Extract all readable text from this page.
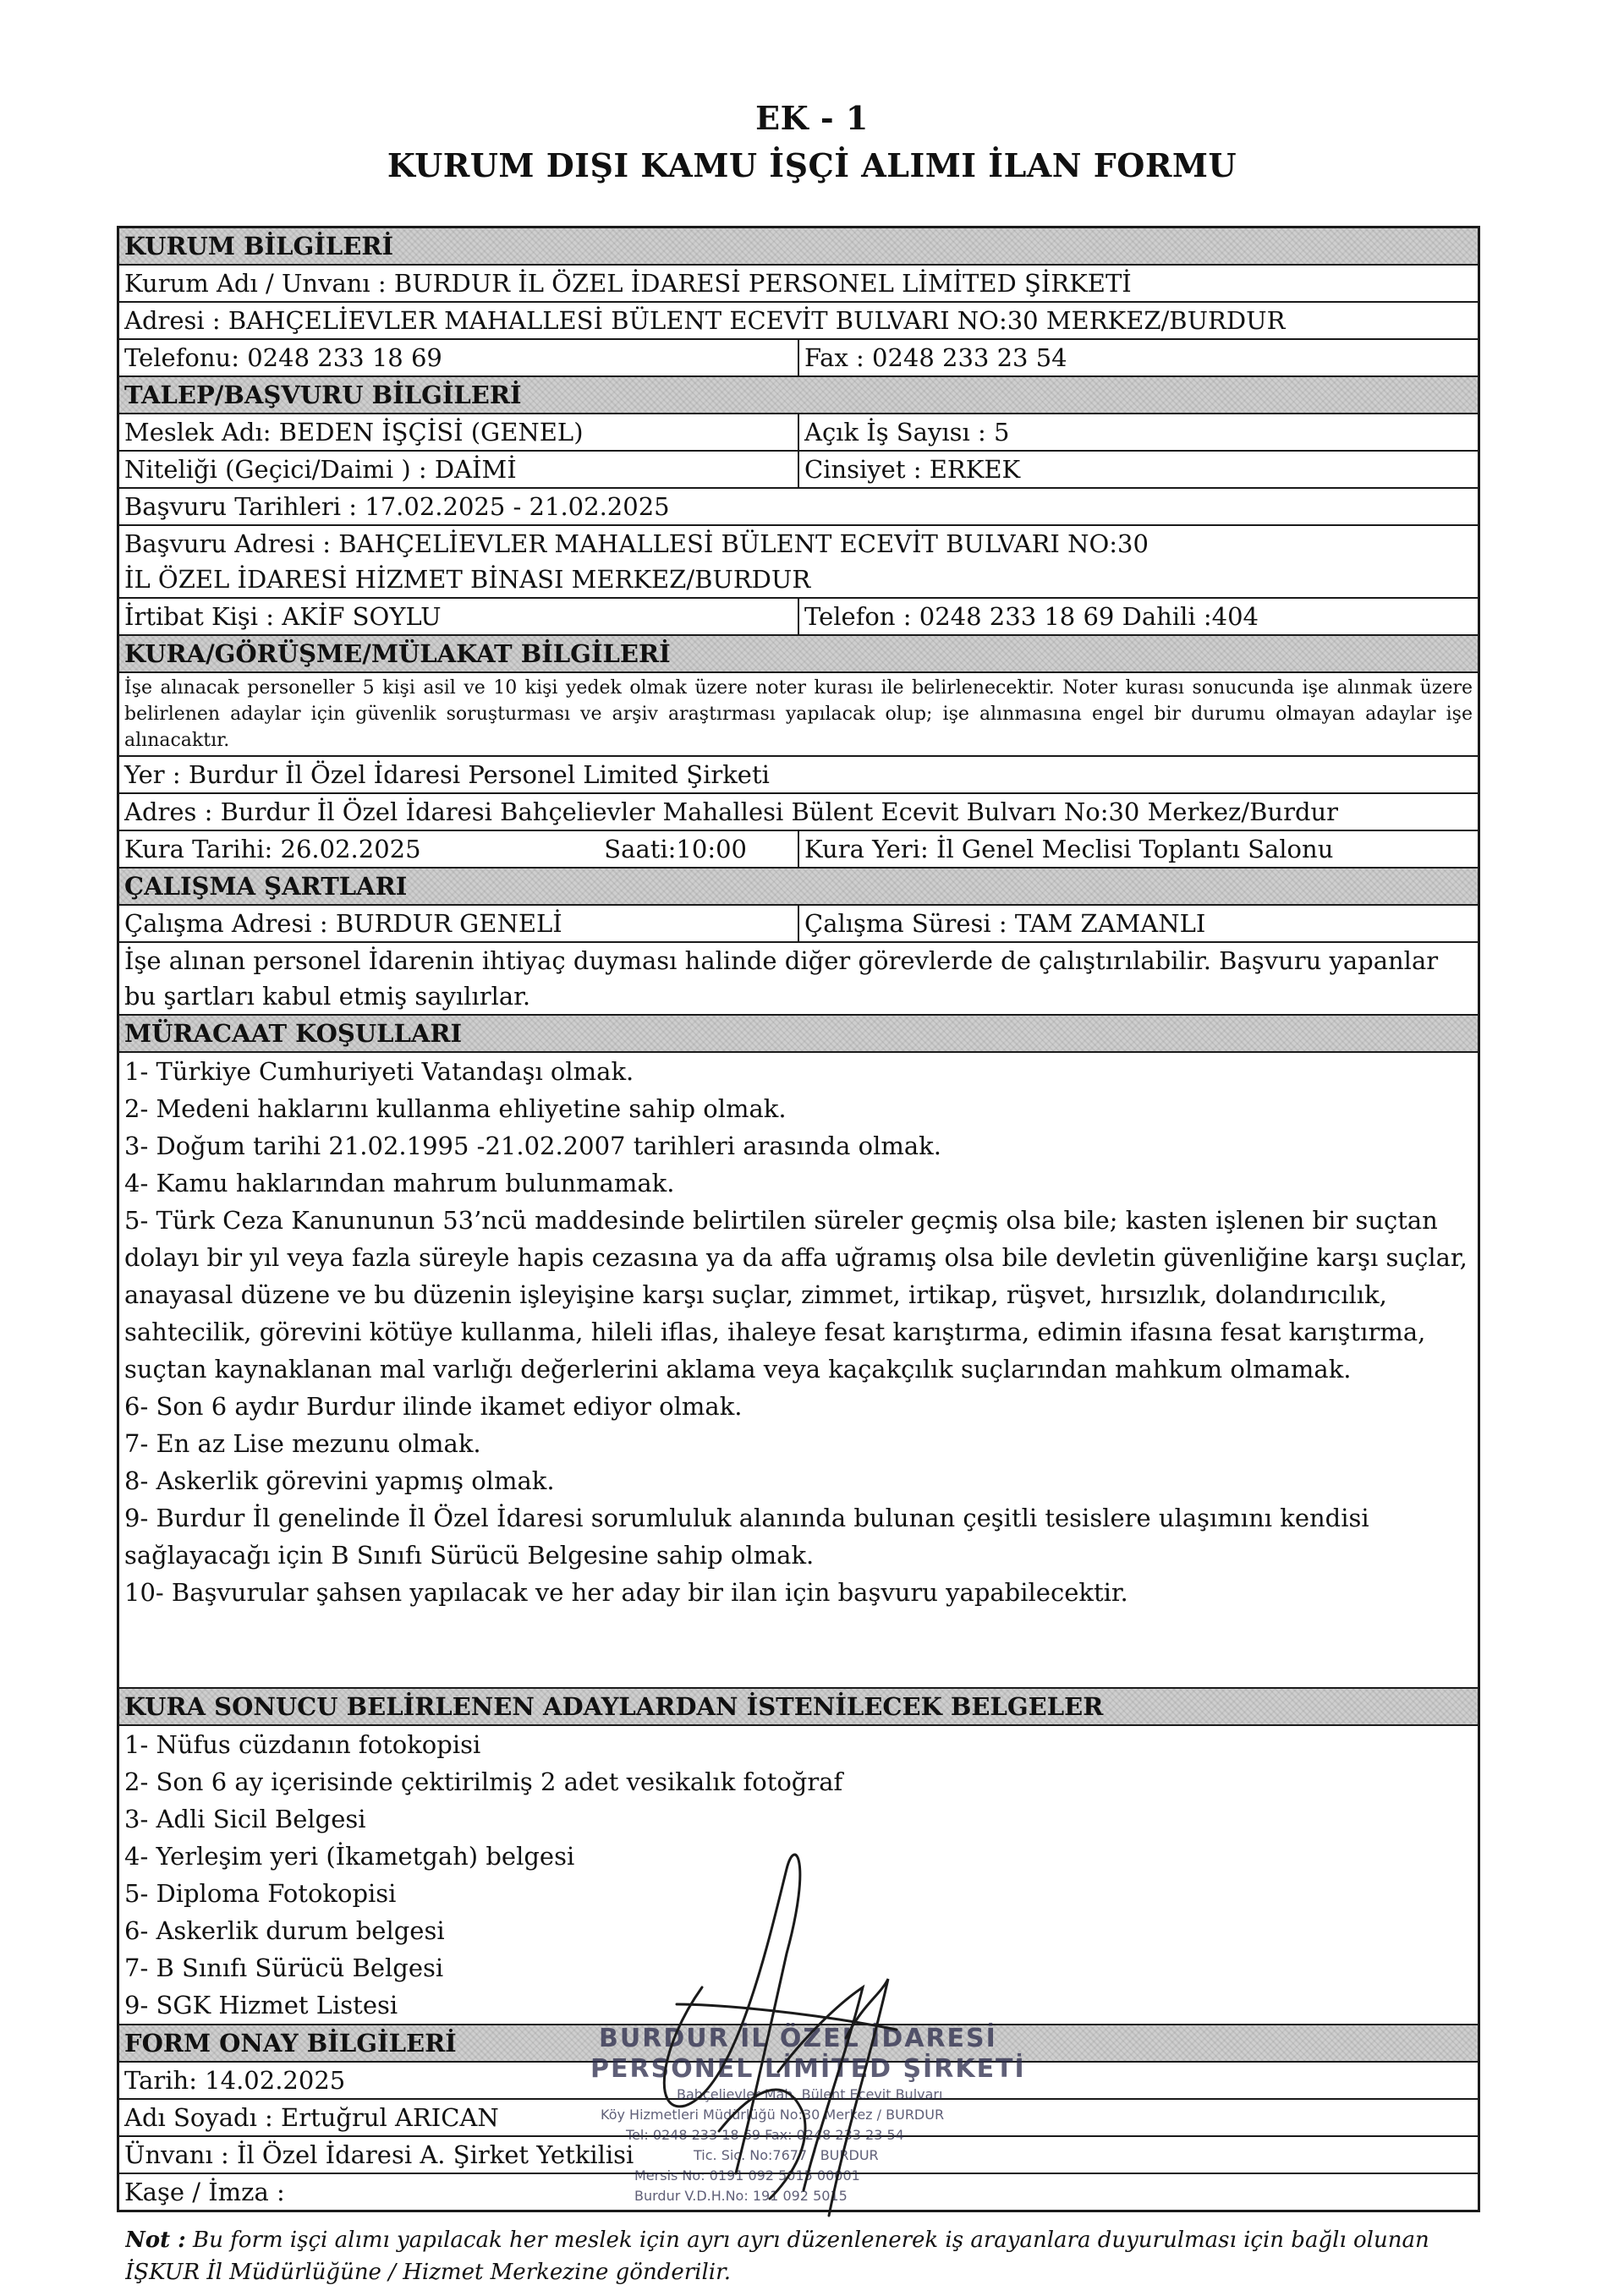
EK - 1
KURUM DIŞI KAMU İŞÇİ ALIMI İLAN FORMU
KURUM BİLGİLERİ
Kurum Adı / Unvanı : BURDUR İL ÖZEL İDARESİ PERSONEL LİMİTED ŞİRKETİ
Adresi : BAHÇELİEVLER MAHALLESİ BÜLENT ECEVİT BULVARI NO:30 MERKEZ/BURDUR
Telefonu: 0248 233 18 69	Fax : 0248 233 23 54
TALEP/BAŞVURU BİLGİLERİ
Meslek Adı: BEDEN İŞÇİSİ (GENEL)	Açık İş Sayısı : 5
Niteliği (Geçici/Daimi ) : DAİMİ	Cinsiyet : ERKEK
Başvuru Tarihleri : 17.02.2025 - 21.02.2025
Başvuru Adresi : BAHÇELİEVLER MAHALLESİ BÜLENT ECEVİT BULVARI NO:30
İL ÖZEL İDARESİ HİZMET BİNASI MERKEZ/BURDUR
İrtibat Kişi : AKİF SOYLU	Telefon : 0248 233 18 69 Dahili :404
KURA/GÖRÜŞME/MÜLAKAT BİLGİLERİ
İşe alınacak personeller 5 kişi asil ve 10 kişi yedek olmak üzere noter kurası ile belirlenecektir. Noter kurası sonucunda işe alınmak üzere belirlenen adaylar için güvenlik soruşturması ve arşiv araştırması yapılacak olup; işe alınmasına engel bir durumu olmayan adaylar işe alınacaktır.
Yer : Burdur İl Özel İdaresi Personel Limited Şirketi
Adres : Burdur İl Özel İdaresi Bahçelievler Mahallesi Bülent Ecevit Bulvarı No:30 Merkez/Burdur
Kura Tarihi: 26.02.2025	Saati:10:00 Kura Yeri: İl Genel Meclisi Toplantı Salonu
ÇALIŞMA ŞARTLARI
Çalışma Adresi : BURDUR GENELİ	Çalışma Süresi : TAM ZAMANLI
İşe alınan personel İdarenin ihtiyaç duyması halinde diğer görevlerde de çalıştırılabilir. Başvuru yapanlar bu şartları kabul etmiş sayılırlar.
MÜRACAAT KOŞULLARI
1- Türkiye Cumhuriyeti Vatandaşı olmak.
2- Medeni haklarını kullanma ehliyetine sahip olmak.
3- Doğum tarihi 21.02.1995 -21.02.2007 tarihleri arasında olmak.
4- Kamu haklarından mahrum bulunmamak.
5- Türk Ceza Kanununun 53’ncü maddesinde belirtilen süreler geçmiş olsa bile; kasten işlenen bir suçtan dolayı bir yıl veya fazla süreyle hapis cezasına ya da affa uğramış olsa bile devletin güvenliğine karşı suçlar, anayasal düzene ve bu düzenin işleyişine karşı suçlar, zimmet, irtikap, rüşvet, hırsızlık, dolandırıcılık, sahtecilik, görevini kötüye kullanma, hileli iflas, ihaleye fesat karıştırma, edimin ifasına fesat karıştırma, suçtan kaynaklanan mal varlığı değerlerini aklama veya kaçakçılık suçlarından mahkum olmamak.
6- Son 6 aydır Burdur ilinde ikamet ediyor olmak.
7- En az Lise mezunu olmak.
8- Askerlik görevini yapmış olmak.
9- Burdur İl genelinde İl Özel İdaresi sorumluluk alanında bulunan çeşitli tesislere ulaşımını kendisi sağlayacağı için B Sınıfı Sürücü Belgesine sahip olmak.
10- Başvurular şahsen yapılacak ve her aday bir ilan için başvuru yapabilecektir.
KURA SONUCU BELİRLENEN ADAYLARDAN İSTENİLECEK BELGELER
1- Nüfus cüzdanın fotokopisi
2- Son 6 ay içerisinde çektirilmiş 2 adet vesikalık fotoğraf
3- Adli Sicil Belgesi
4- Yerleşim yeri (İkametgah) belgesi
5- Diploma Fotokopisi
6- Askerlik durum belgesi
7- B Sınıfı Sürücü Belgesi
9- SGK Hizmet Listesi
FORM ONAY BİLGİLERİ
Tarih: 14.02.2025
Adı Soyadı : Ertuğrul ARICAN
Ünvanı : İl Özel İdaresi A. Şirket Yetkilisi
Kaşe / İmza :
BURDUR İL ÖZEL İDARESİ
PERSONEL LİMİTED ŞİRKETİ
Bahçelievler Mah. Bülent Ecevit Bulvarı
Köy Hizmetleri Müdürlüğü No:30 Merkez / BURDUR
Tel: 0248 233 18 69 Fax: 0248 233 23 54
Tic. Sic. No:7677 / BURDUR
Mersis No: 0191 092 5015 00001
Burdur V.D.H.No: 191 092 5015
Not : Bu form işçi alımı yapılacak her meslek için ayrı ayrı düzenlenerek iş arayanlara duyurulması için bağlı olunan İŞKUR İl Müdürlüğüne / Hizmet Merkezine gönderilir.
